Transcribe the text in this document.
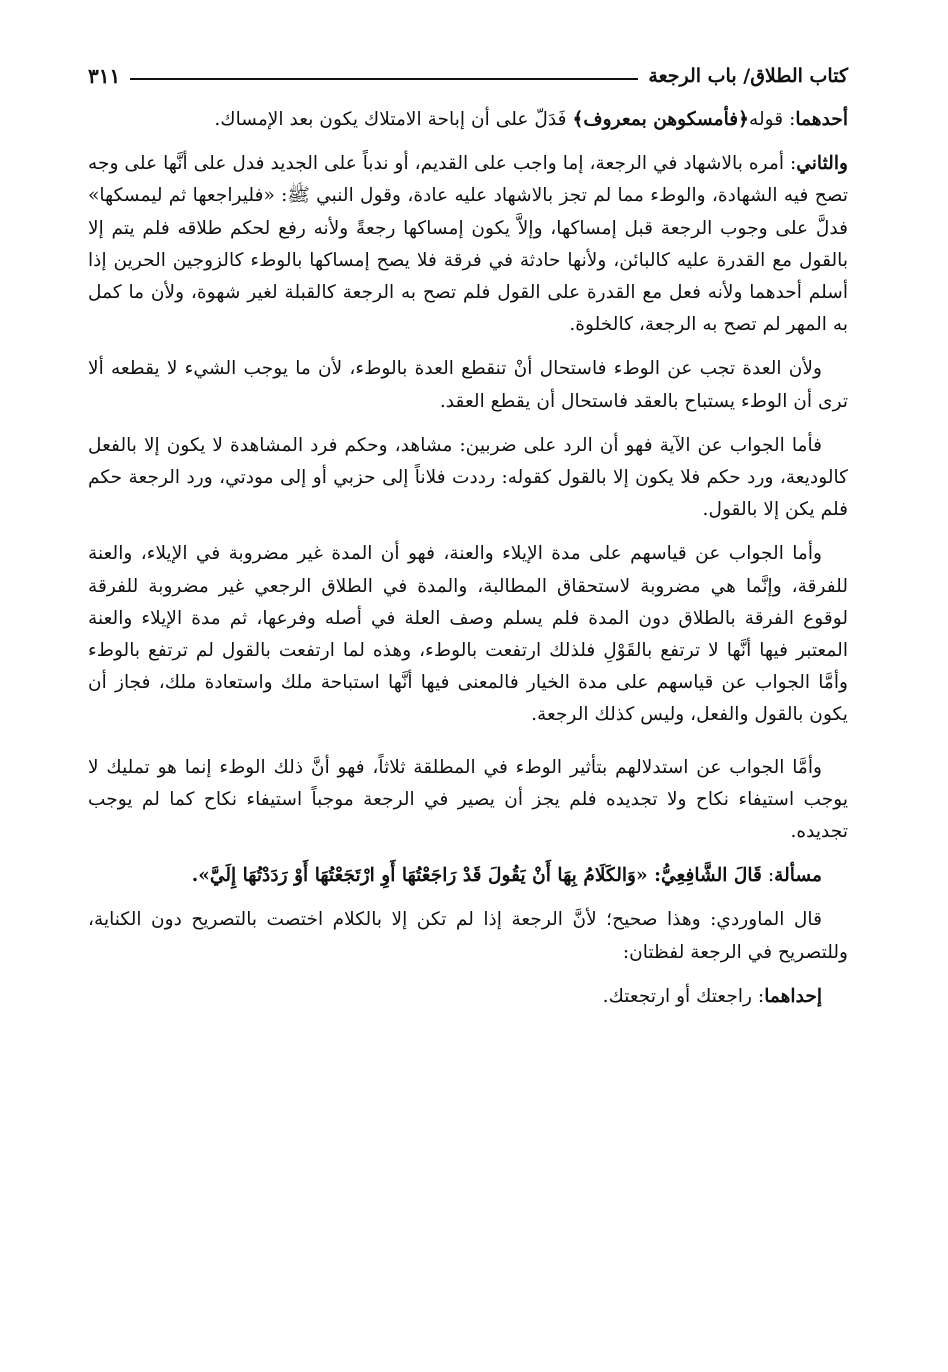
كتاب الطلاق/ باب الرجعة
٣١١

أحدهما: قوله﴿فأمسكوهن بمعروف﴾ فَدَلّ على أن إباحة الامتلاك يكون بعد الإمساك.

والثاني: أمره بالاشهاد في الرجعة، إما واجب على القديم، أو ندباً على الجديد فدل على أنَّها على وجه تصح فيه الشهادة، والوطء مما لم تجز بالاشهاد عليه عادة، وقول النبي ﷺ: «فليراجعها ثم ليمسكها» فدلَّ على وجوب الرجعة قبل إمساكها، وإلاَّ يكون إمساكها رجعةً ولأنه رفع لحكم طلاقه فلم يتم إلا بالقول مع القدرة عليه كالبائن، ولأنها حادثة في فرقة فلا يصح إمساكها بالوطء كالزوجين الحرين إذا أسلم أحدهما ولأنه فعل مع القدرة على القول فلم تصح به الرجعة كالقبلة لغير شهوة، ولأن ما كمل به المهر لم تصح به الرجعة، كالخلوة.

ولأن العدة تجب عن الوطء فاستحال أنْ تنقطع العدة بالوطء، لأن ما يوجب الشيء لا يقطعه ألا ترى أن الوطء يستباح بالعقد فاستحال أن يقطع العقد.

فأما الجواب عن الآية فهو أن الرد على ضربين: مشاهد، وحكم فرد المشاهدة لا يكون إلا بالفعل كالوديعة، ورد حكم فلا يكون إلا بالقول كقوله: رددت فلاناً إلى حزبي أو إلى مودتي، ورد الرجعة حكم فلم يكن إلا بالقول.

وأما الجواب عن قياسهم على مدة الإيلاء والعنة، فهو أن المدة غير مضروبة في الإيلاء، والعنة للفرقة، وإنَّما هي مضروبة لاستحقاق المطالبة، والمدة في الطلاق الرجعي غير مضروبة للفرقة لوقوع الفرقة بالطلاق دون المدة فلم يسلم وصف العلة في أصله وفرعها، ثم مدة الإيلاء والعنة المعتبر فيها أنَّها لا ترتفع بالقَوْلِ فلذلك ارتفعت بالوطء، وهذه لما ارتفعت بالقول لم ترتفع بالوطء وأمَّا الجواب عن قياسهم على مدة الخيار فالمعنى فيها أنَّها استباحة ملك واستعادة ملك، فجاز أن يكون بالقول والفعل، وليس كذلك الرجعة.

وأمَّا الجواب عن استدلالهم بتأثير الوطء في المطلقة ثلاثاً، فهو أنَّ ذلك الوطء إنما هو تمليك لا يوجب استيفاء نكاح ولا تجديده فلم يجز أن يصير في الرجعة موجباً استيفاء نكاح كما لم يوجب تجديده.

مسألة: قَالَ الشَّافِعِيُّ: «وَالكَلَامُ بِهَا أَنْ يَقُولَ قَدْ رَاجَعْتُهَا أَوِ ارْتَجَعْتُهَا أَوْ رَدَدْتُهَا إِلَيَّ».

قال الماوردي: وهذا صحيح؛ لأنَّ الرجعة إذا لم تكن إلا بالكلام اختصت بالتصريح دون الكناية، وللتصريح في الرجعة لفظتان:

إحداهما: راجعتك أو ارتجعتك.
